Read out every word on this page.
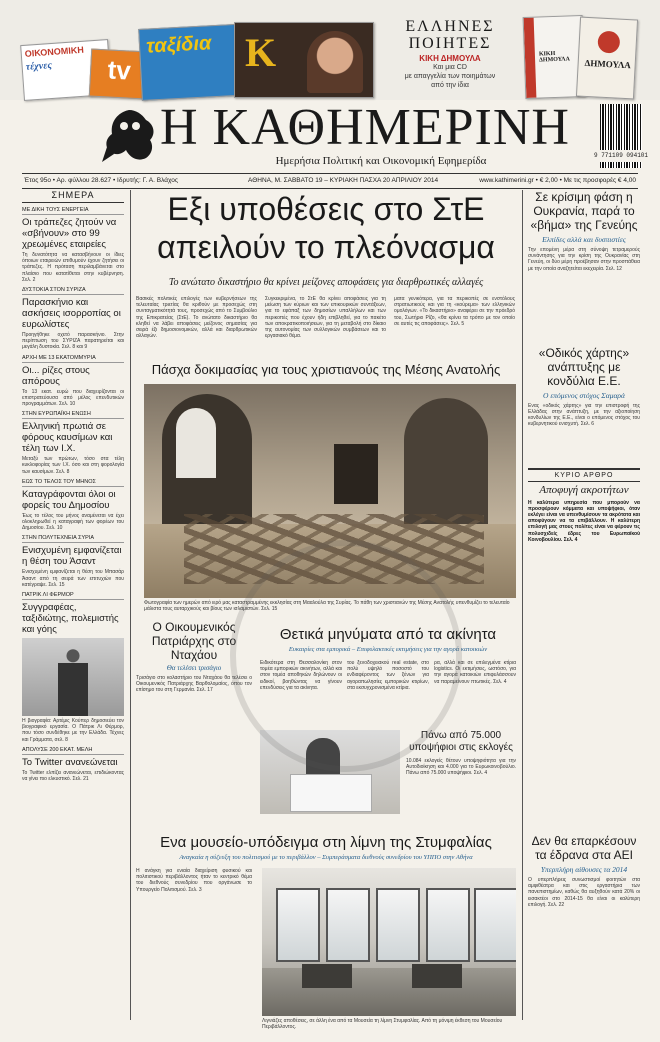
ΟΙΚΟΝΟΜΙΚΗ
τέχνες	tv
ταξίδια K
ΕΛΛΗΝΕΣ
ΠΟΙΗΤΕΣ
ΚΙΚΗ ΔΗΜΟΥΛΑ
Και μια CD
με απαγγελία των ποιημάτων
από την ίδια
ΚΙΚΗ ΔΗΜΟΥΛΑ	ΔΗΜΟΥΛΑ
9 771109 094101
Η ΚΑΘΗΜΕΡΙΝΗ
Ημερήσια Πολιτική και Οικονομική Εφημερίδα
Έτος 95ο • Αρ. φύλλου 28.627 • Ιδρυτής: Γ. Α. Βλάχος	ΑΘΗΝΑ, Μ. ΣΑΒΒΑΤΟ 19 – ΚΥΡΙΑΚΗ ΠΑΣΧΑ 20 ΑΠΡΙΛΙΟΥ 2014	www.kathimerini.gr • € 2,00 • Με τις προσφορές € 4,00
ΣΗΜΕΡΑ
ΜΕ ΔΙΚΗ ΤΟΥΣ ΕΝΕΡΓΕΙΑ
Οι τράπεζες ζητούν να «σβήνουν» στο 99 χρεωμένες εταιρείες
Τη δυνατότητα να κατασβήνουν οι ίδιες όποιων εταιρειών επιθυμούν έχουν ζητήσει οι τράπεζες. Η πρόταση περιλαμβάνεται στο πλαίσιο που κατατίθεται στην κυβέρνηση. Σελ. 2
ΔΥΣΤΟΚΙΑ ΣΤΟΝ ΣΥΡΙΖΑ
Παρασκήνιο και ασκήσεις ισορροπίας οι ευρωλίστες
Προηγήθηκε οχετό παρασκήνιο. Στην περίπτωση του ΣΥΡΙΖΑ παρατηρείται και μεγάλη δυστοκία. Σελ. 8 και 9
ΑΡΧΗ ΜΕ 13 ΕΚΑΤΟΜΜΥΡΙΑ
Οι... ρίζες στους απόρους
Το 13 εκατ. ευρώ που διαχειρίζονται οι επιστρατεύουσα από μέλος επενδυτικών προγραμμάτων. Σελ. 10
ΣΤΗΝ ΕΥΡΩΠΑΪΚΗ ΕΝΩΣΗ
Ελληνική πρωτιά σε φόρους καυσίμων και τέλη των Ι.Χ.
Μεταξύ των πρώτων, τόσο στα τέλη κυκλοφορίας των Ι.Χ. όσο και στη φορολογία των καυσίμων. Σελ. 8
ΕΩΣ ΤΟ ΤΕΛΟΣ ΤΟΥ ΜΗΝΟΣ
Καταγράφονται όλοι οι φορείς του Δημοσίου
Έως το τέλος του μήνος αναμένεται να έχει ολοκληρωθεί η καταγραφή των φορέων του Δημοσίου. Σελ. 10
ΣΤΗΝ ΠΟΛΥΤΕΧΝΕΙΑ ΣΥΡΙΑ
Ενισχυμένη εμφανίζεται η θέση του Άσαντ
Ενισχυμένη εμφανίζεται η θέση του Μπασάρ Άσαντ από τη σειρά των επιτυχιών που κατέγραψε. Σελ. 15
ΠΑΤΡΙΚ ΛΙ ΦΕΡΜΟΡ
Συγγραφέας, ταξιδιώτης, πολεμιστής και γόης
Η βιογραφία: Αρτέμις Κούπερ δημοσιεύει τον βιογραφικό εργασία. Ο Πάτρικ Λι Φέρμορ, που τόσο συνδέθηκε με την Ελλάδα. Τέχνες και Γράμματα, σελ. 8
ΑΠΟΛΥΣΕ 200 ΕΚΑΤ. ΜΕΛΗ
Το Twitter ανανεώνεται
Το Twitter ελπίζει ανανεώνεται, επιδιώκοντας να γίνει πιο ελκυστικό. Σελ. 21
Εξι υποθέσεις στο ΣτΕ απειλούν το πλεόνασμα
Το ανώτατο δικαστήριο θα κρίνει μείζονες αποφάσεις για διαρθρωτικές αλλαγές
Βασικές πολιτικές επιλογές των κυβερνήσεων της τελευταίας τριετίας θα κριθούν με προσεχώς στη συνταγματικότητά τους, προσεχώς από το Συμβούλιο της Επικρατείας (ΣτΕ). Το ανώτατο δικαστήριο θα κληθεί να λάβει αποφάσεις μείζονος σημασίας για σειρά έξι δημοσιονομικών, αλλά και διαρθρωτικών αλλαγών.
Συγκεκριμένα, το ΣτΕ θα κρίνει αποφάσεις για τη μείωση των κύριων και των επικουρικών συντάξεων, για το εφάπαξ των δημοσίων υπαλλήλων και των περικοπές που έχουν ήδη επιβληθεί, για το πακέτο των αποκρατικοποιήσεων, για τη μεταβολή στο δίκαιο της αυτονομίας των συλλογικών συμβάσεων και το εργασιακό θέμα.
ματα γενικότερα, για τα περικοπές σε ενστόλους στρατιωτικούς και για τη «κούρεμα» των ελληνικών ομολόγων. «Το δικαστήριο» αναφέρει σε την πρόεδρό του, Σωτήριο Ρίζο, «θα κρίνει τα τρόπο με τον οποίο σε αυτές τις αποφάσεις». Σελ. 5
Πάσχα δοκιμασίας για τους χριστιανούς της Μέσης Ανατολής
Φωτογραφία των ημερών από ιερό μας καταστραμμένης εκκλησίας στη Μααλούλα της Συρίας. Το πάθη των χριστιανών της Μέσης Ανατολής υπενθυμίζει το τελευταίο μάλιστα τους αυταρχικούς και βίους των ισλαμιστών. Σελ. 15
Σε κρίσιμη φάση η Ουκρανία, παρά το «βήμα» της Γενεύης
Ελπίδες αλλά και δυσπιστίες
Την επομένη μέρα στη σύνοψη τετραμερούς συνάντησης για την κρίση της Ουκρανίας στη Γενεύη, οι δύο μέρη προέβησαν στην προσπάθεια με την οποία αναζητείται εκεχειρία. Σελ. 12
«Οδικός χάρτης» ανάπτυξης με κονδύλια Ε.Ε.
Ο επόμενος στόχος Σαμαρά
Ενας «οδικός χάρτης» για την επιστροφή της Ελλάδας στην ανάπτυξη, με την αξιοποίηση κονδυλίων της Ε.Ε., είναι ο επόμενος στόχος του κυβερνητικού ενισχυτή. Σελ. 6
ΚΥΡΙΟ ΑΡΘΡΟ
Αποφυγή ακροτήτων
Η καλύτερα υπηρεσία που μπορούν να προσφέρουν κόμματα και υποψήφιοι, όταν εκλέγει είναι να υπενθυμίσουν τα ακρότατα και αποφύγουν να τα επιβάλλουν. Η καλύτερη επιλογή μας στους πολίτες είναι να φέρουν τις πολυσχιδείς έδρες του Ευρωπαϊκού Κοινοβουλίου. Σελ. 4
Ο Οικουμενικός Πατριάρχης στο Νταχάου
Θα τελέσει τρισάγιο
Τρισάγιο στο κολαστήριο του Νταχάου θα τελέσει ο Οικουμενικός Πατριάρχης Βαρθολομαίος, όπου τον επίσημο του στη Γερμανία. Σελ. 17
Θετικά μηνύματα από τα ακίνητα
Ευκαιρίες στα εμπορικά – Επιφυλακτικές εκτιμήσεις για την αγορά κατοικιών
Ειδικότερα στη Θεσσαλονίκη στον τομέα εμπορικών ακινήτων, αλλά και στον τομέα αποθηκών δηλώνουν οι ειδικοί, βοηθώντας να γίνουν επενδύσεις για τα ακίνητα.
του ξενοδοχειακού real estate, στο πολύ υψηλό ποσοστό του ενδιαφέροντος των ξένων για αγοραπωλησίες εμπορικών κτιρίων, στα εκσυγχρονισμένα κτίρια.
ρα, αλλά και σε επιλεγμένα κτίρια logistics. Οι εκτιμήσεις, ωστόσο, για την αγορά κατοικιών επιφυλάσσουν να παραμείνουν πτωτικές. Σελ. 4
Πάνω από 75.000 υποψήφιοι στις εκλογές
10.084 εκλογείς θέτουν υποψηφιότητα για την Αυτοδιοίκηση και 4.000 για το Ευρωκοινοβούλιο. Πάνω από 75.000 υποψήφιοι. Σελ. 4
Ενα μουσείο-υπόδειγμα στη λίμνη της Στυμφαλίας
Αναγκαία η σύζευξη του πολιτισμού με το περιβάλλον – Συμπεράσματα διεθνούς συνεδρίου του ΥΠΠΟ στην Αθήνα
Η ανάγκη για ενιαία διαχείριση φυσικού και πολιτιστικού περιβάλλοντος ήταν το κεντρικό θέμα του διεθνούς συνεδρίου που οργάνωσε το Υπουργείο Πολιτισμού. Σελ. 3
Λιγνιάζες αποθέσεις, σε άλλη ένα από τα Μουσεία τη λίμνη Στυμφαλίας. Από τη μόνιμη έκθεση του Μουσείου Περιβάλλοντος.
Δεν θα επαρκέσουν τα έδρανα στα ΑΕΙ
Υπερπλήρη αίθουσες τα 2014
Ο υπερπλήρεις συνωστισμοί φοιτητών στα αμφιθέατρα και στις εργαστήρια των πανεπιστημίων, καθώς θα αυξηθούν κατά 20% οι εισακτέοι στο 2014-15 θα είναι οι καλύτερη επιλογή. Σελ. 22
